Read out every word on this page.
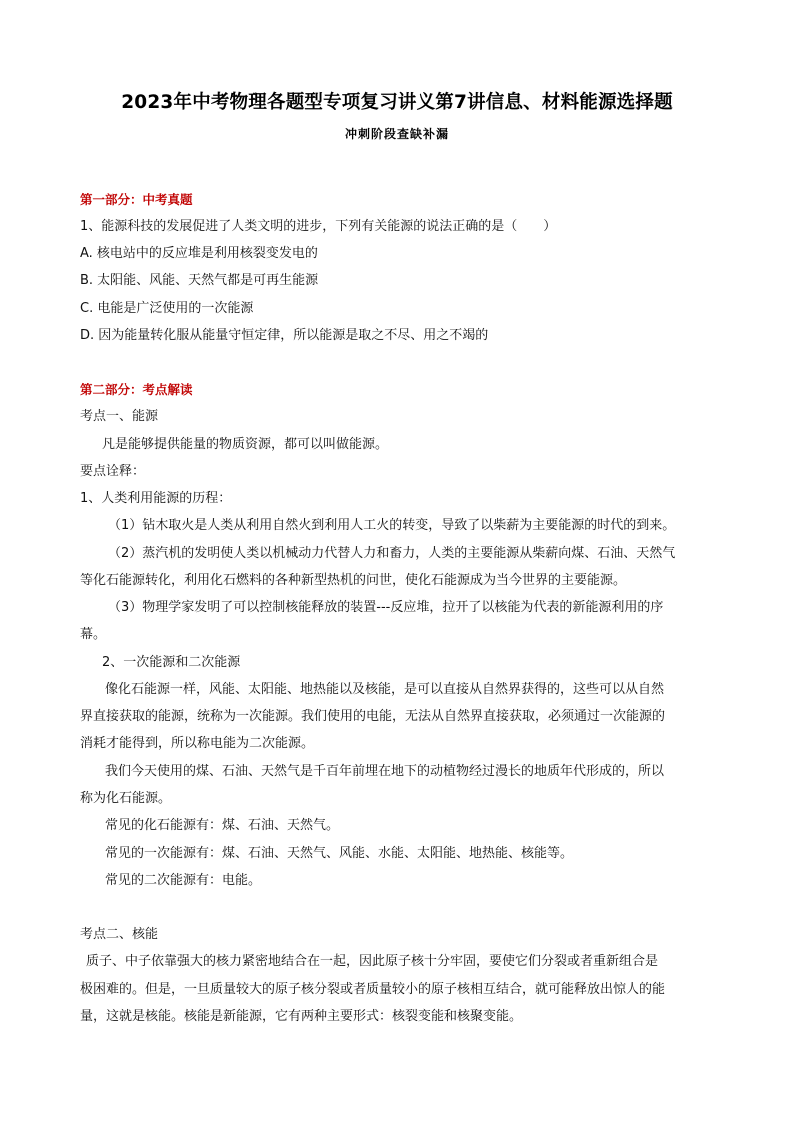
2023年中考物理各题型专项复习讲义第7讲信息、材料能源选择题
冲刺阶段查缺补漏
第一部分：中考真题
1、能源科技的发展促进了人类文明的进步，下列有关能源的说法正确的是（　　）
A. 核电站中的反应堆是利用核裂变发电的
B. 太阳能、风能、天然气都是可再生能源
C. 电能是广泛使用的一次能源
D. 因为能量转化服从能量守恒定律，所以能源是取之不尽、用之不竭的
第二部分：考点解读
考点一、能源
凡是能够提供能量的物质资源，都可以叫做能源。
要点诠释：
1、人类利用能源的历程：
（1）钻木取火是人类从利用自然火到利用人工火的转变，导致了以柴薪为主要能源的时代的到来。
（2）蒸汽机的发明使人类以机械动力代替人力和畜力，人类的主要能源从柴薪向煤、石油、天然气
等化石能源转化，利用化石燃料的各种新型热机的问世，使化石能源成为当今世界的主要能源。
（3）物理学家发明了可以控制核能释放的装置---反应堆，拉开了以核能为代表的新能源利用的序
幕。
2、一次能源和二次能源
像化石能源一样，风能、太阳能、地热能以及核能，是可以直接从自然界获得的，这些可以从自然
界直接获取的能源，统称为一次能源。我们使用的电能，无法从自然界直接获取，必须通过一次能源的
消耗才能得到，所以称电能为二次能源。
我们今天使用的煤、石油、天然气是千百年前埋在地下的动植物经过漫长的地质年代形成的，所以
称为化石能源。
常见的化石能源有：煤、石油、天然气。
常见的一次能源有：煤、石油、天然气、风能、水能、太阳能、地热能、核能等。
常见的二次能源有：电能。
考点二、核能
质子、中子依靠强大的核力紧密地结合在一起，因此原子核十分牢固，要使它们分裂或者重新组合是
极困难的。但是，一旦质量较大的原子核分裂或者质量较小的原子核相互结合，就可能释放出惊人的能
量，这就是核能。核能是新能源，它有两种主要形式：核裂变能和核聚变能。
